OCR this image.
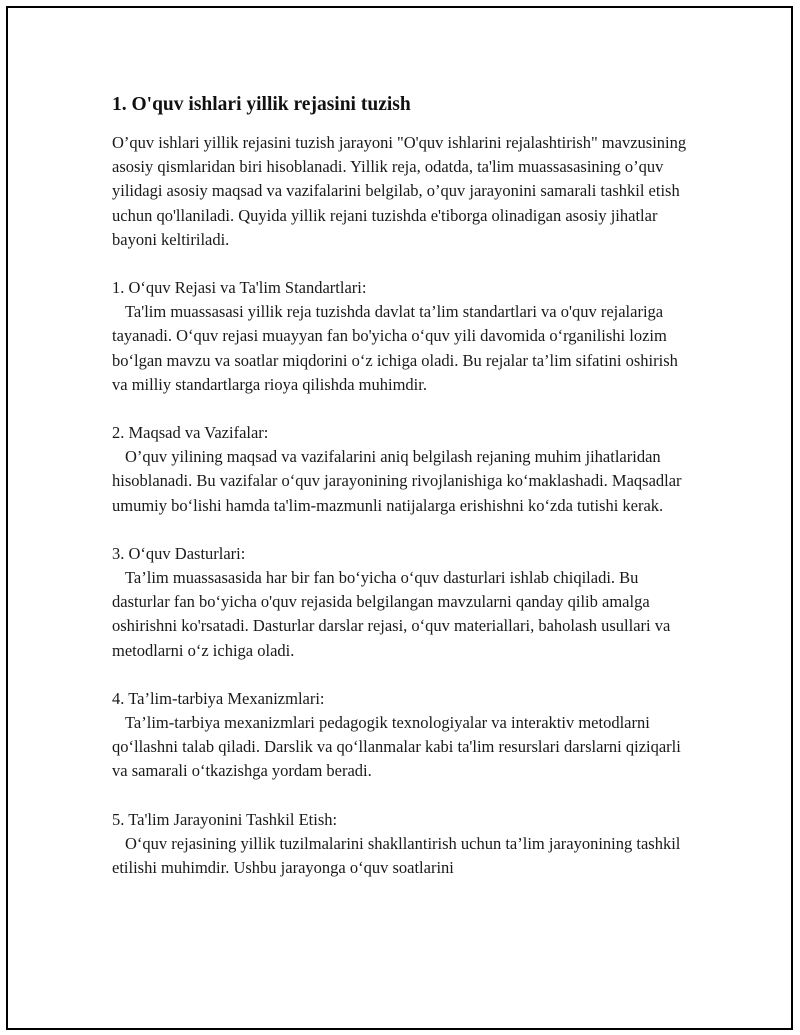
1. O'quv ishlari yillik rejasini tuzish

O’quv ishlari yillik rejasini tuzish jarayoni "O'quv ishlarini rejalashtirish" mavzusining asosiy qismlaridan biri hisoblanadi. Yillik reja, odatda, ta'lim muassasasining o’quv yilidagi asosiy maqsad va vazifalarini belgilab, o’quv jarayonini samarali tashkil etish uchun qo'llaniladi. Quyida yillik rejani tuzishda e'tiborga olinadigan asosiy jihatlar bayoni keltiriladi.

1. O‘quv Rejasi va Ta'lim Standartlari:

Ta'lim muassasasi yillik reja tuzishda davlat ta’lim standartlari va o'quv rejalariga tayanadi. O‘quv rejasi muayyan fan bo'yicha o‘quv yili davomida o‘rganilishi lozim bo‘lgan mavzu va soatlar miqdorini o‘z ichiga oladi. Bu rejalar ta’lim sifatini oshirish va milliy standartlarga rioya qilishda muhimdir.

2. Maqsad va Vazifalar:

O’quv yilining maqsad va vazifalarini aniq belgilash rejaning muhim jihatlaridan hisoblanadi. Bu vazifalar o‘quv jarayonining rivojlanishiga ko‘maklashadi. Maqsadlar umumiy bo‘lishi hamda ta'lim-mazmunli natijalarga erishishni ko‘zda tutishi kerak.

3. O‘quv Dasturlari:

Ta’lim muassasasida har bir fan bo‘yicha o‘quv dasturlari ishlab chiqiladi. Bu dasturlar fan bo‘yicha o'quv rejasida belgilangan mavzularni qanday qilib amalga oshirishni ko'rsatadi. Dasturlar darslar rejasi, o‘quv materiallari, baholash usullari va metodlarni o‘z ichiga oladi.

4. Ta’lim-tarbiya Mexanizmlari:

Ta’lim-tarbiya mexanizmlari pedagogik texnologiyalar va interaktiv metodlarni qo‘llashni talab qiladi. Darslik va qo‘llanmalar kabi ta'lim resurslari darslarni qiziqarli va samarali o‘tkazishga yordam beradi.

5. Ta'lim Jarayonini Tashkil Etish:

O‘quv rejasining yillik tuzilmalarini shakllantirish uchun ta’lim jarayonining tashkil etilishi muhimdir. Ushbu jarayonga o‘quv soatlarini
